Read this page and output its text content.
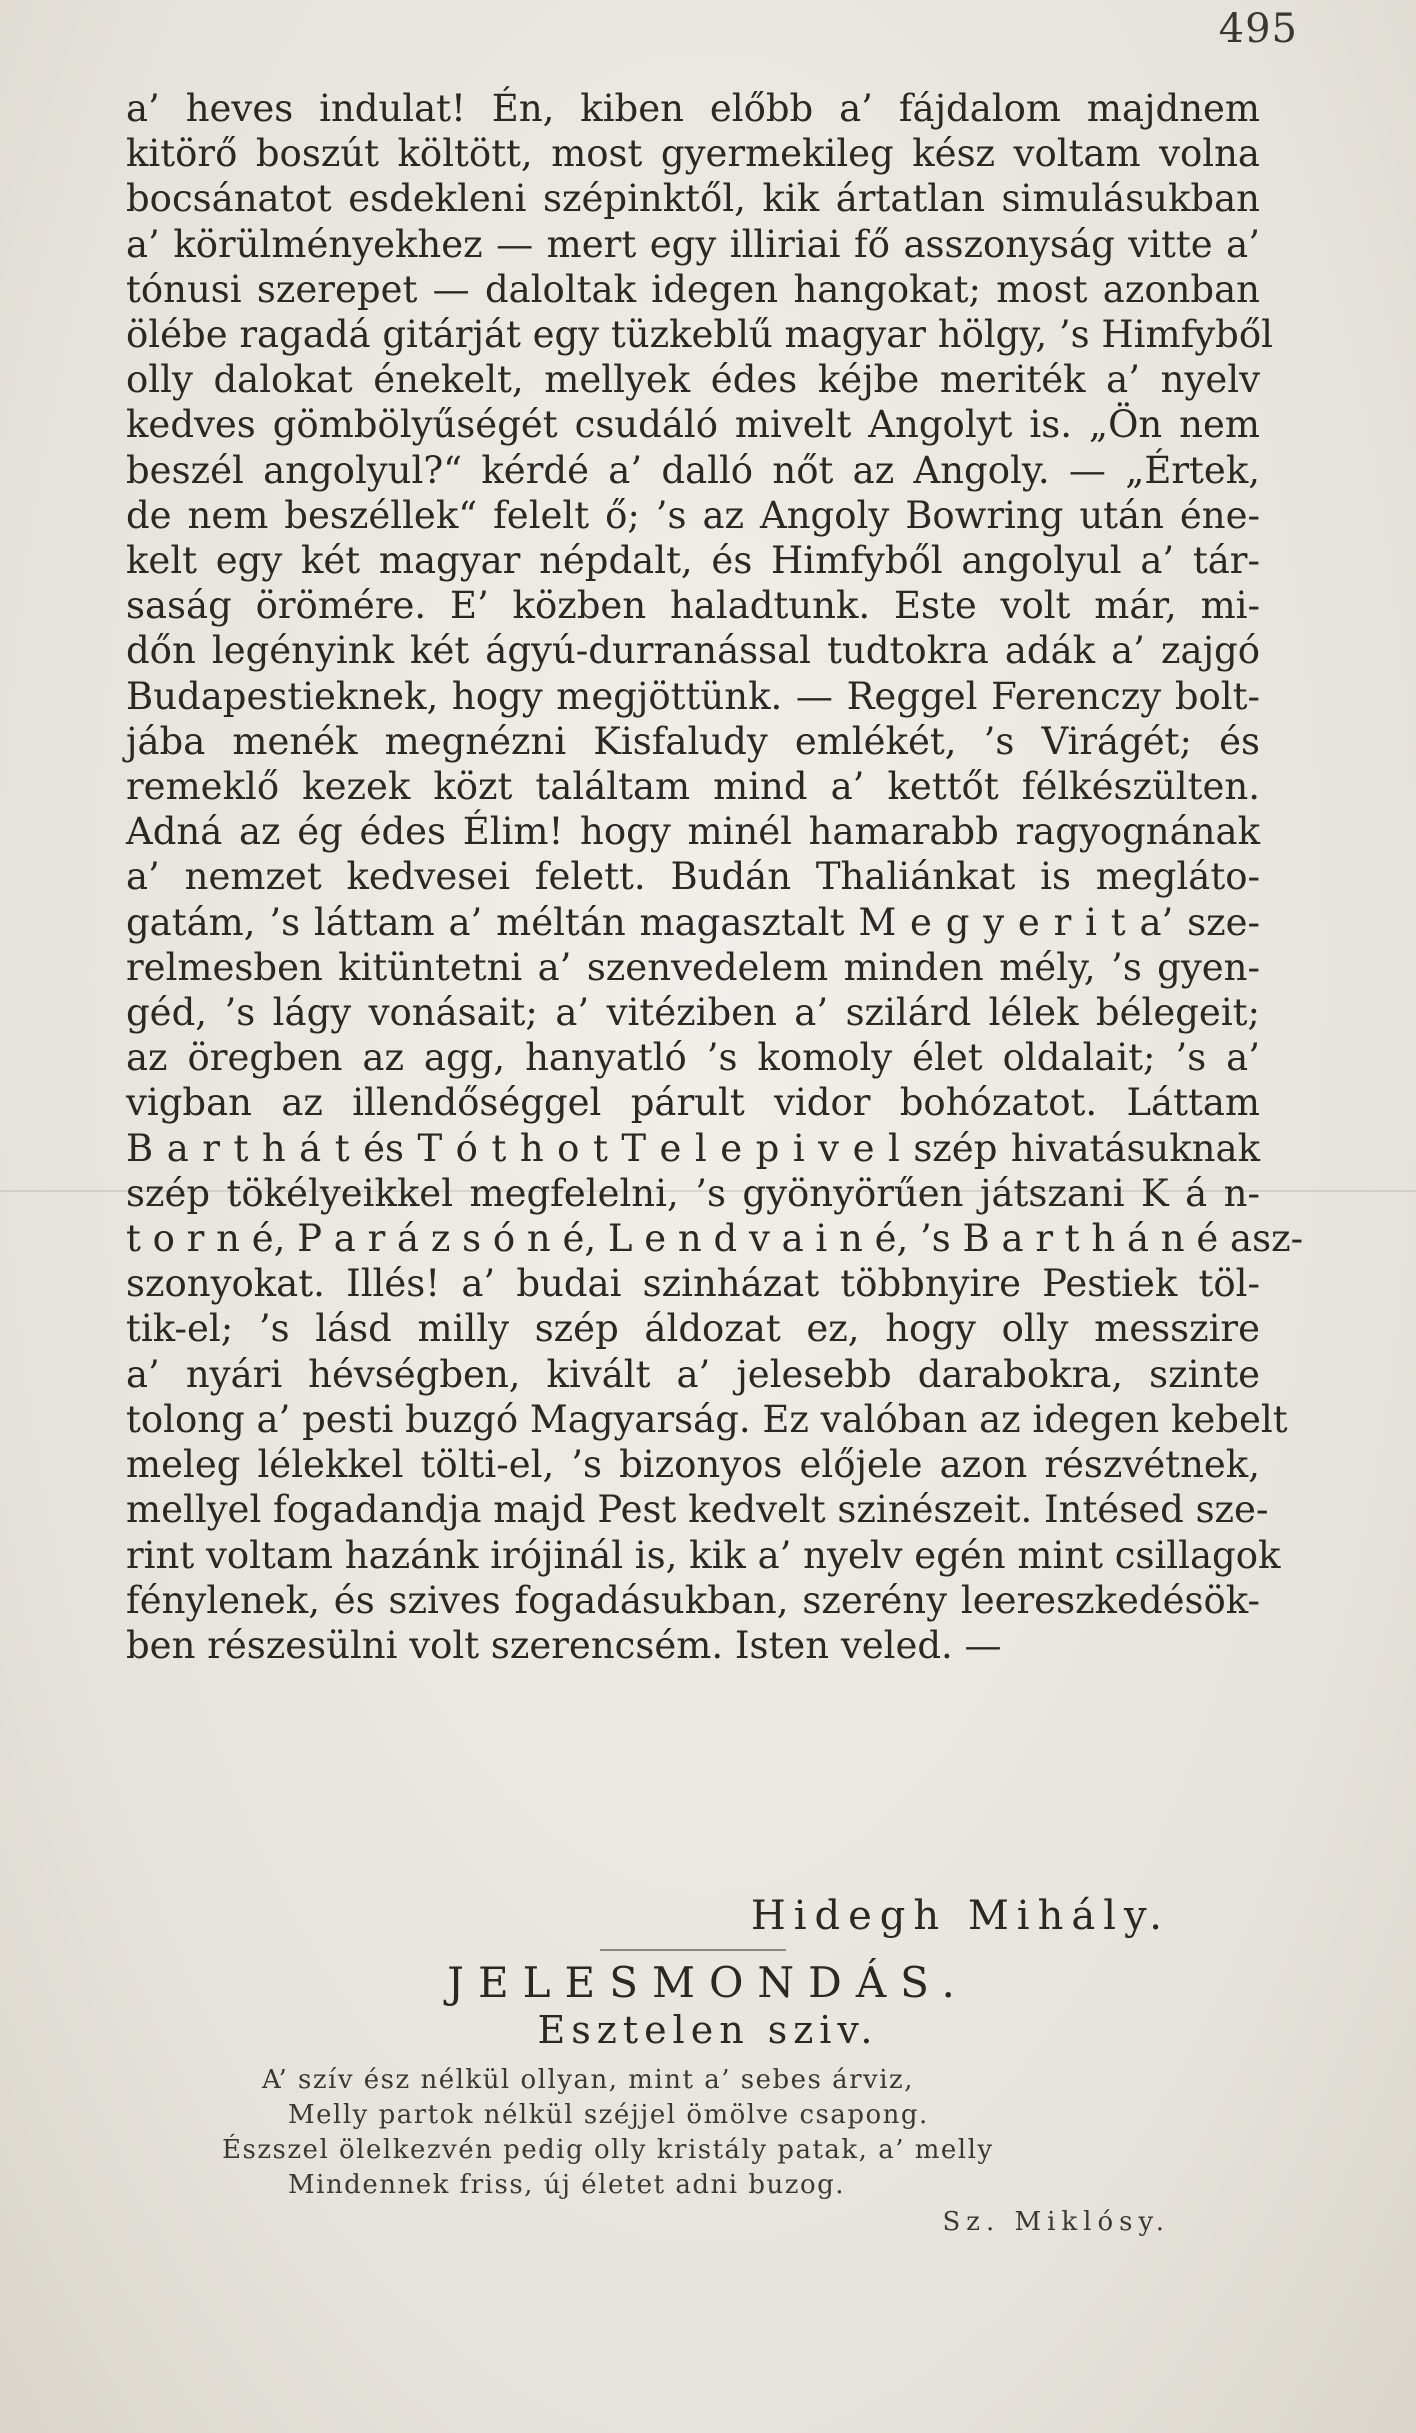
495
a’ heves indulat! Én, kiben előbb a’ fájdalom majdnem
kitörő boszút költött, most gyermekileg kész voltam volna
bocsánatot esdekleni szépinktől, kik ártatlan simulásukban
a’ körülményekhez — mert egy illiriai fő asszonyság vitte a’
tónusi szerepet — daloltak idegen hangokat; most azonban
ölébe ragadá gitárját egy tüzkeblű magyar hölgy, ’s Himfyből
olly dalokat énekelt, mellyek édes kéjbe meriték a’ nyelv
kedves gömbölyűségét csudáló mivelt Angolyt is. „Ön nem
beszél angolyul?“ kérdé a’ dalló nőt az Angoly. — „Értek,
de nem beszéllek“ felelt ő; ’s az Angoly Bowring után éne-
kelt egy két magyar népdalt, és Himfyből angolyul a’ tár-
saság örömére. E’ közben haladtunk. Este volt már, mi-
dőn legényink két ágyú-durranással tudtokra adák a’ zajgó
Budapestieknek, hogy megjöttünk. — Reggel Ferenczy bolt-
jába menék megnézni Kisfaludy emlékét, ’s Virágét; és
remeklő kezek közt találtam mind a’ kettőt félkészülten.
Adná az ég édes Élim! hogy minél hamarabb ragyognának
a’ nemzet kedvesei felett. Budán Thaliánkat is meglátо-
gatám, ’s láttam a’ méltán magasztalt M e g y e r i t a’ sze-
relmesben kitüntetni a’ szenvedelem minden mély, ’s gyen-
géd, ’s lágy vonásait; a’ vitéziben a’ szilárd lélek bélegeit;
az öregben az agg, hanyatló ’s komoly élet oldalait; ’s a’
vigban az illendőséggel párult vidor bohózatot. Láttam
B a r t h á t és T ó t h o t T e l e p i v e l szép hivatásuknak
szép tökélyeikkel megfelelni, ’s gyönyörűen játszani K á n-
t o r n é, P a r á z s ó n é, L e n d v a i n é, ’s B a r t h á n é asz-
szonyokat. Illés! a’ budai szinházat többnyire Pestiek töl-
tik-el; ’s lásd milly szép áldozat ez, hogy olly messzire
a’ nyári hévségben, kivált a’ jelesebb darabokra, szinte
tolong a’ pesti buzgó Magyarság. Ez valóban az idegen kebelt
meleg lélekkel tölti-el, ’s bizonyos előjele azon részvétnek,
mellyel fogadandja majd Pest kedvelt szinészeit. Intésed sze-
rint voltam hazánk irójinál is, kik a’ nyelv egén mint csillagok
fénylenek, és szives fogadásukban, szerény leereszkedésök-
ben részesülni volt szerencsém. Isten veled. —
Hidegh Mihály.
JELESMONDÁS.
Esztelen sziv.
A’ szív ész nélkül ollyan, mint a’ sebes árviz,
Melly partok nélkül széjjel ömölve csapong.
Észszel ölelkezvén pedig olly kristály patak, a’ melly
Mindennek friss, új életet adni buzog.
Sz. Miklósy.
